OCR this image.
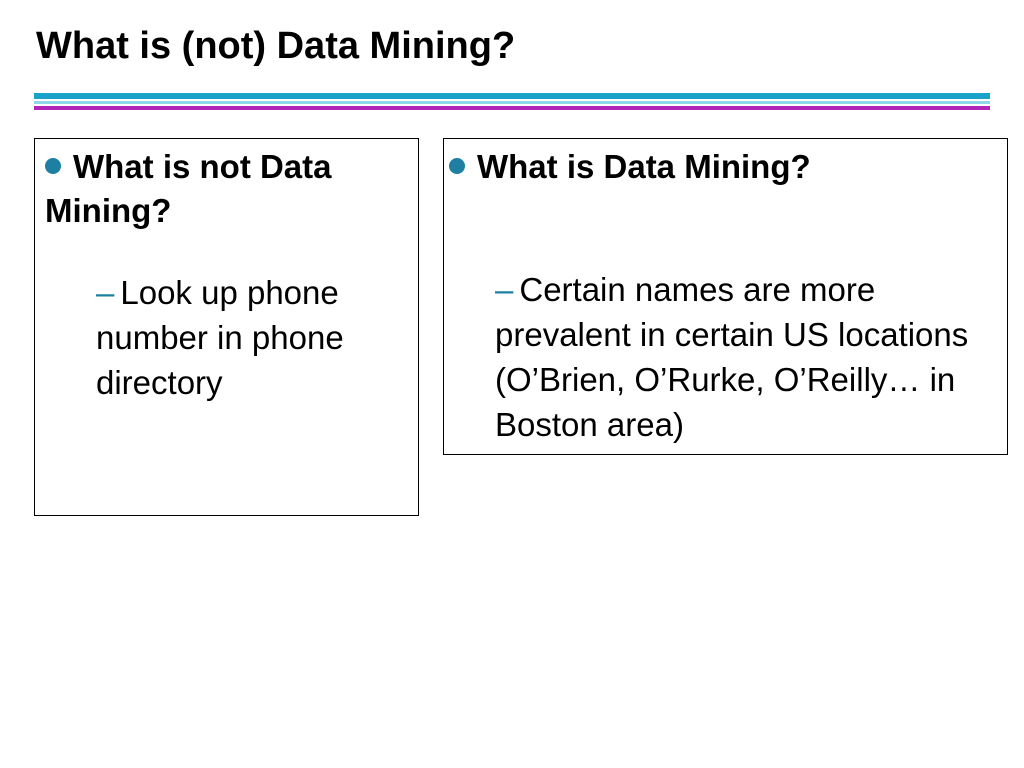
What is (not) Data Mining?
What is not Data Mining?
– Look up phone number in phone directory
What is Data Mining?
– Certain names are more prevalent in certain US locations (O’Brien, O’Rurke, O’Reilly… in Boston area)
